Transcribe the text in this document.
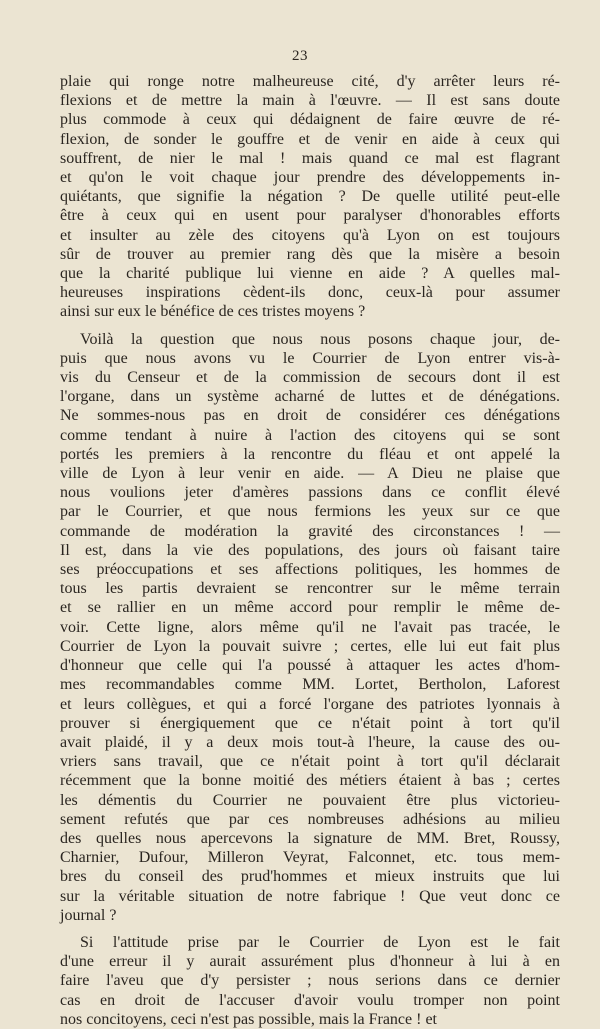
23
plaie qui ronge notre malheureuse cité, d'y arrêter leurs ré-
flexions et de mettre la main à l'œuvre. — Il est sans doute
plus commode à ceux qui dédaignent de faire œuvre de ré-
flexion, de sonder le gouffre et de venir en aide à ceux qui
souffrent, de nier le mal ! mais quand ce mal est flagrant
et qu'on le voit chaque jour prendre des développements in-
quiétants, que signifie la négation ? De quelle utilité peut-elle
être à ceux qui en usent pour paralyser d'honorables efforts
et insulter au zèle des citoyens qu'à Lyon on est toujours
sûr de trouver au premier rang dès que la misère a besoin
que la charité publique lui vienne en aide ? A quelles mal-
heureuses inspirations cèdent-ils donc, ceux-là pour assumer
ainsi sur eux le bénéfice de ces tristes moyens ?
Voilà la question que nous nous posons chaque jour, de-
puis que nous avons vu le Courrier de Lyon entrer vis-à-
vis du Censeur et de la commission de secours dont il est
l'organe, dans un système acharné de luttes et de dénégations.
Ne sommes-nous pas en droit de considérer ces dénégations
comme tendant à nuire à l'action des citoyens qui se sont
portés les premiers à la rencontre du fléau et ont appelé la
ville de Lyon à leur venir en aide. — A Dieu ne plaise que
nous voulions jeter d'amères passions dans ce conflit élevé
par le Courrier, et que nous fermions les yeux sur ce que
commande de modération la gravité des circonstances ! —
Il est, dans la vie des populations, des jours où faisant taire
ses préoccupations et ses affections politiques, les hommes de
tous les partis devraient se rencontrer sur le même terrain
et se rallier en un même accord pour remplir le même de-
voir. Cette ligne, alors même qu'il ne l'avait pas tracée, le
Courrier de Lyon la pouvait suivre ; certes, elle lui eut fait plus
d'honneur que celle qui l'a poussé à attaquer les actes d'hom-
mes recommandables comme MM. Lortet, Bertholon, Laforest
et leurs collègues, et qui a forcé l'organe des patriotes lyonnais à
prouver si énergiquement que ce n'était point à tort qu'il
avait plaidé, il y a deux mois tout-à l'heure, la cause des ou-
vriers sans travail, que ce n'était point à tort qu'il déclarait
récemment que la bonne moitié des métiers étaient à bas ; certes
les démentis du Courrier ne pouvaient être plus victorieu-
sement refutés que par ces nombreuses adhésions au milieu
des quelles nous apercevons la signature de MM. Bret, Roussy,
Charnier, Dufour, Milleron Veyrat, Falconnet, etc. tous mem-
bres du conseil des prud'hommes et mieux instruits que lui
sur la véritable situation de notre fabrique ! Que veut donc ce
journal ?
Si l'attitude prise par le Courrier de Lyon est le fait
d'une erreur il y aurait assurément plus d'honneur à lui à en
faire l'aveu que d'y persister ; nous serions dans ce dernier
cas en droit de l'accuser d'avoir voulu tromper non point
nos concitoyens, ceci n'est pas possible, mais la France ! et
